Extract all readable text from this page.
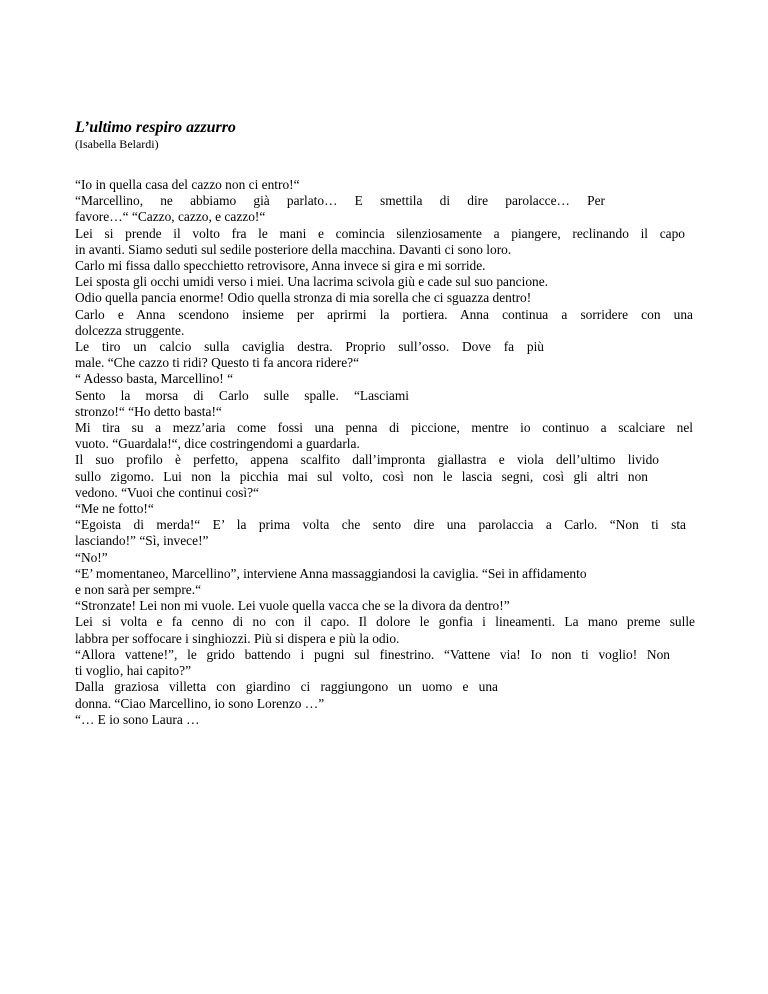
L’ultimo respiro azzurro

(Isabella Belardi)

“Io in quella casa del cazzo non ci entro!“

“Marcellino, ne abbiamo già parlato… E smettila di dire parolacce… Per

favore…“ “Cazzo, cazzo, e cazzo!“

Lei si prende il volto fra le mani e comincia silenziosamente a piangere, reclinando il capo

in avanti. Siamo seduti sul sedile posteriore della macchina. Davanti ci sono loro.

Carlo mi fissa dallo specchietto retrovisore, Anna invece si gira e mi sorride.

Lei sposta gli occhi umidi verso i miei. Una lacrima scivola giù e cade sul suo pancione.

Odio quella pancia enorme! Odio quella stronza di mia sorella che ci sguazza dentro!

Carlo e Anna scendono insieme per aprirmi la portiera. Anna continua a sorridere con una

dolcezza struggente.

Le tiro un calcio sulla caviglia destra. Proprio sull’osso. Dove fa più

male. “Che cazzo ti ridi? Questo ti fa ancora ridere?“

“ Adesso basta, Marcellino! “

Sento la morsa di Carlo sulle spalle. “Lasciami

stronzo!“ “Ho detto basta!“

Mi tira su a mezz’aria come fossi una penna di piccione, mentre io continuo a scalciare nel

vuoto. “Guardala!“, dice costringendomi a guardarla.

Il suo profilo è perfetto, appena scalfito dall’impronta giallastra e viola dell’ultimo livido

sullo zigomo. Lui non la picchia mai sul volto, così non le lascia segni, così gli altri non

vedono. “Vuoi che continui così?“

“Me ne fotto!“

“Egoista di merda!“ E’ la prima volta che sento dire una parolaccia a Carlo. “Non ti sta

lasciando!” “Sì, invece!”

“No!”

“E’ momentaneo, Marcellino”, interviene Anna massaggiandosi la caviglia. “Sei in affidamento

e non sarà per sempre.“

“Stronzate! Lei non mi vuole. Lei vuole quella vacca che se la divora da dentro!”

Lei si volta e fa cenno di no con il capo. Il dolore le gonfia i lineamenti. La mano preme sulle

labbra per soffocare i singhiozzi. Più si dispera e più la odio.

“Allora vattene!”, le grido battendo i pugni sul finestrino. “Vattene via! Io non ti voglio! Non

ti voglio, hai capito?”

Dalla graziosa villetta con giardino ci raggiungono un uomo e una

donna. “Ciao Marcellino, io sono Lorenzo …”

“… E io sono Laura …
